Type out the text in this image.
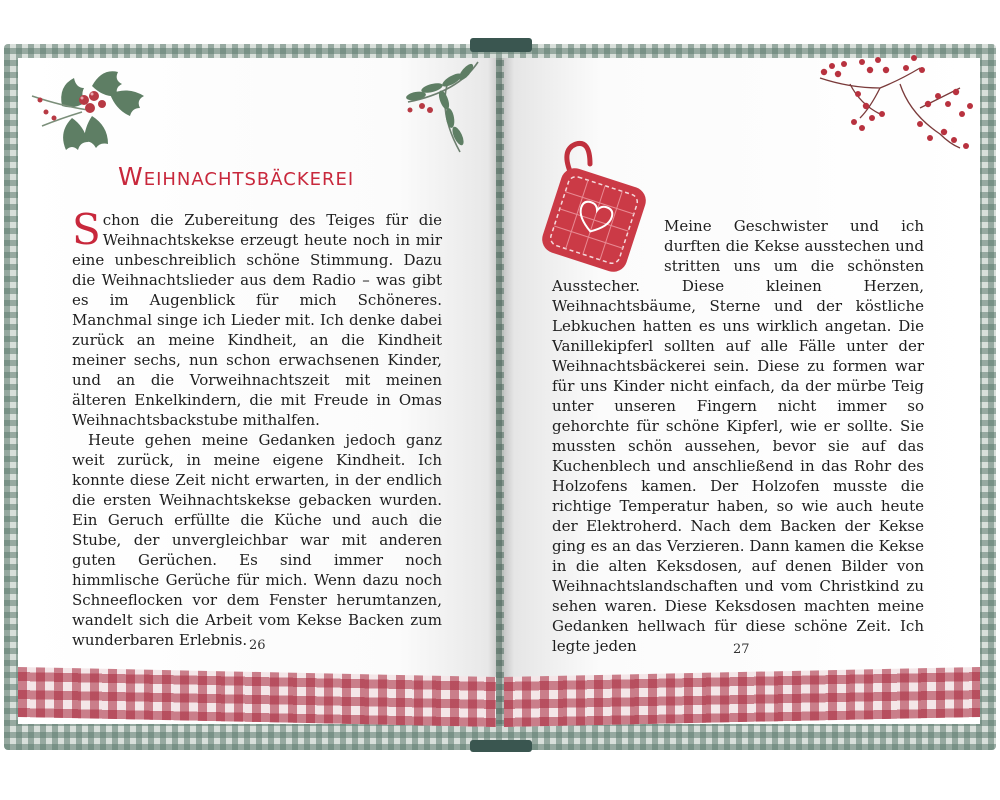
Weihnachtsbäckerei

Schon die Zubereitung des Teiges für die Weihnachtskekse erzeugt heute noch in mir eine unbeschreiblich schöne Stimmung. Dazu die Weihnachtslieder aus dem Radio – was gibt es im Augenblick für mich Schöneres. Manchmal singe ich Lieder mit. Ich denke dabei zurück an meine Kindheit, an die Kindheit meiner sechs, nun schon erwachsenen Kinder, und an die Vorweihnachtszeit mit meinen älteren Enkelkindern, die mit Freude in Omas Weihnachtsbackstube mithalfen.

Heute gehen meine Gedanken jedoch ganz weit zurück, in meine eigene Kindheit. Ich konnte diese Zeit nicht erwarten, in der endlich die ersten Weihnachtskekse gebacken wurden. Ein Geruch erfüllte die Küche und auch die Stube, der unvergleichbar war mit anderen guten Gerüchen. Es sind immer noch himmlische Gerüche für mich. Wenn dazu noch Schneeflocken vor dem Fenster herumtanzen, wandelt sich die Arbeit vom Kekse Backen zum wunderbaren Erlebnis. 26

Meine Geschwister und ich durften die Kekse ausstechen und stritten uns um die schönsten Ausstecher. Diese kleinen Herzen, Weihnachtsbäume, Sterne und der köstliche Lebkuchen hatten es uns wirklich angetan. Die Vanillekipferl sollten auf alle Fälle unter der Weihnachtsbäckerei sein. Diese zu formen war für uns Kinder nicht einfach, da der mürbe Teig unter unseren Fingern nicht immer so gehorchte für schöne Kipferl, wie er sollte. Sie mussten schön aussehen, bevor sie auf das Kuchenblech und anschließend in das Rohr des Holzofens kamen. Der Holzofen musste die richtige Temperatur haben, so wie auch heute der Elektroherd. Nach dem Backen der Kekse ging es an das Verzieren. Dann kamen die Kekse in die alten Keksdosen, auf denen Bilder von Weihnachtslandschaften und vom Christkind zu sehen waren. Diese Keksdosen machten meine Gedanken hellwach für diese schöne Zeit. Ich legte jeden	27
